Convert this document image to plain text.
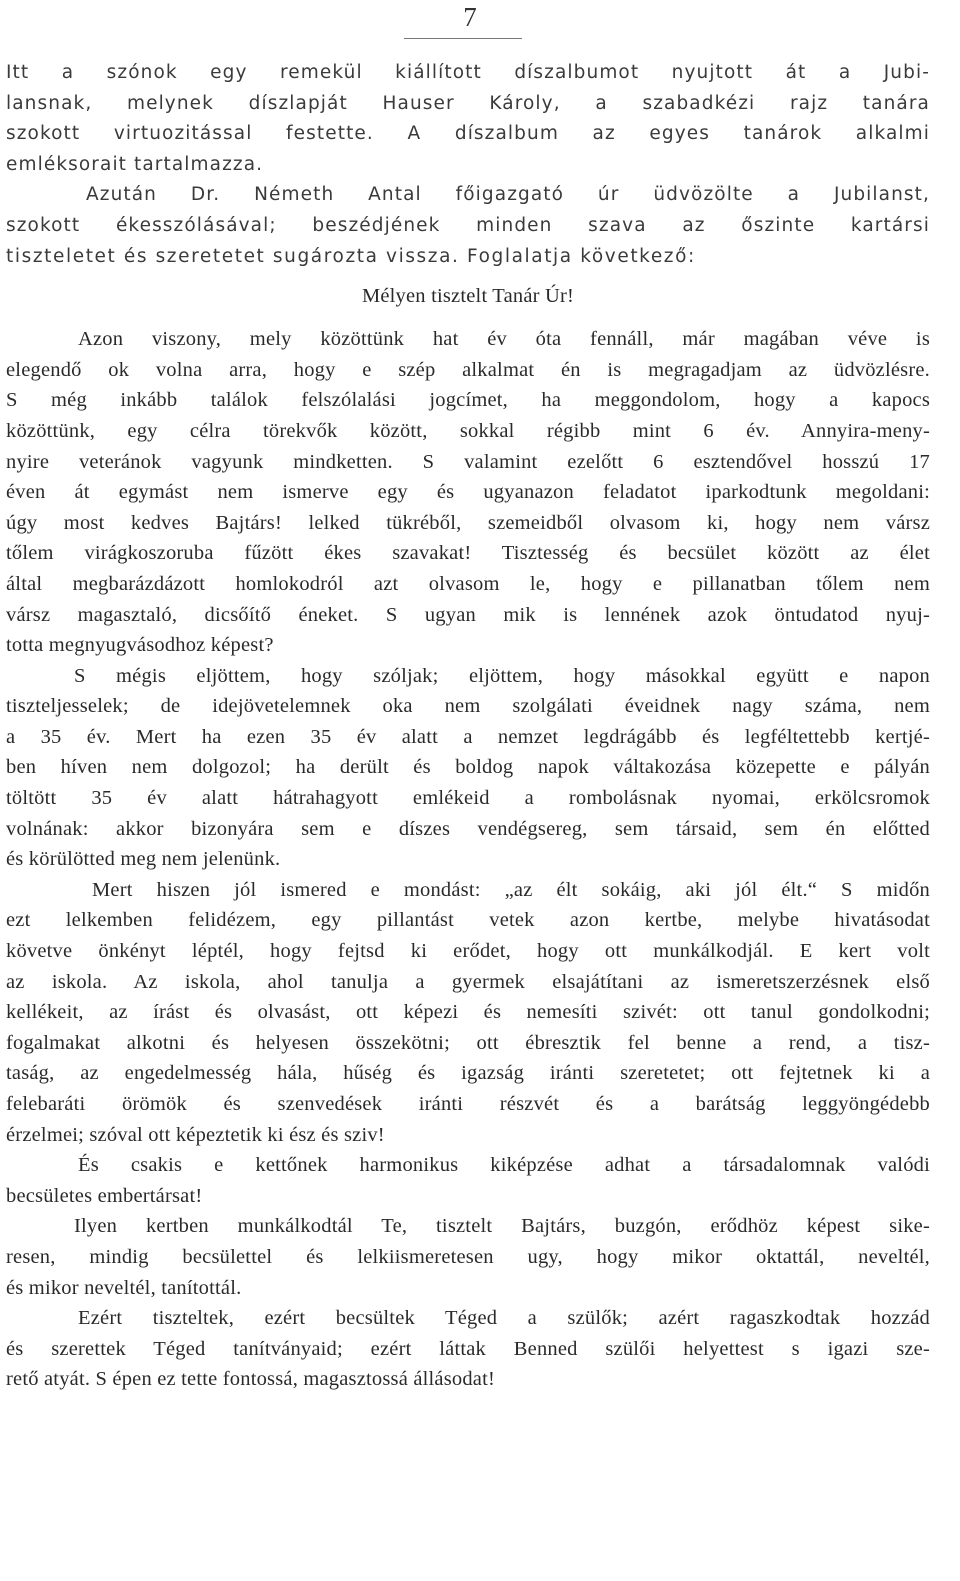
7
Itt a szónok egy remekül kiállított díszalbumot nyujtott át a Jubi-
lansnak, melynek díszlapját Hauser Károly, a szabadkézi rajz tanára
szokott virtuozitással festette. A díszalbum az egyes tanárok alkalmi
emléksorait tartalmazza.
Azután Dr. Németh Antal főigazgató úr üdvözölte a Jubilanst,
szokott ékesszólásával; beszédjének minden szava az őszinte kartársi
tiszteletet és szeretetet sugározta vissza. Foglalatja következő:
Mélyen tisztelt Tanár Úr!
Azon viszony, mely közöttünk hat év óta fennáll, már magában véve is
elegendő ok volna arra, hogy e szép alkalmat én is megragadjam az üdvözlésre.
S még inkább találok felszólalási jogcímet, ha meggondolom, hogy a kapocs
közöttünk, egy célra törekvők között, sokkal régibb mint 6 év. Annyira-meny-
nyire veteránok vagyunk mindketten. S valamint ezelőtt 6 esztendővel hosszú 17
éven át egymást nem ismerve egy és ugyanazon feladatot iparkodtunk megoldani:
úgy most kedves Bajtárs! lelked tükréből, szemeidből olvasom ki, hogy nem vársz
tőlem virágkoszoruba fűzött ékes szavakat! Tisztesség és becsület között az élet
által megbarázdázott homlokodról azt olvasom le, hogy e pillanatban tőlem nem
vársz magasztaló, dicsőítő éneket. S ugyan mik is lennének azok öntudatod nyuj-
totta megnyugvásodhoz képest?
S mégis eljöttem, hogy szóljak; eljöttem, hogy másokkal együtt e napon
tiszteljesselek; de idejövetelemnek oka nem szolgálati éveidnek nagy száma, nem
a 35 év. Mert ha ezen 35 év alatt a nemzet legdrágább és legféltettebb kertjé-
ben híven nem dolgozol; ha derült és boldog napok váltakozása közepette e pályán
töltött 35 év alatt hátrahagyott emlékeid a rombolásnak nyomai, erkölcsromok
volnának: akkor bizonyára sem e díszes vendégsereg, sem társaid, sem én előtted
és körülötted meg nem jelenünk.
Mert hiszen jól ismered e mondást: „az élt sokáig, aki jól élt.“ S midőn
ezt lelkemben felidézem, egy pillantást vetek azon kertbe, melybe hivatásodat
követve önkényt léptél, hogy fejtsd ki erődet, hogy ott munkálkodjál. E kert volt
az iskola. Az iskola, ahol tanulja a gyermek elsajátítani az ismeretszerzésnek első
kellékeit, az írást és olvasást, ott képezi és nemesíti szivét: ott tanul gondolkodni;
fogalmakat alkotni és helyesen összekötni; ott ébresztik fel benne a rend, a tisz-
taság, az engedelmesség hála, hűség és igazság iránti szeretetet; ott fejtetnek ki a
felebaráti örömök és szenvedések iránti részvét és a barátság leggyöngédebb
érzelmei; szóval ott képeztetik ki ész és sziv!
És csakis e kettőnek harmonikus kiképzése adhat a társadalomnak valódi
becsületes embertársat!
Ilyen kertben munkálkodtál Te, tisztelt Bajtárs, buzgón, erődhöz képest sike-
resen, mindig becsülettel és lelkiismeretesen ugy, hogy mikor oktattál, neveltél,
és mikor neveltél, tanítottál.
Ezért tiszteltek, ezért becsültek Téged a szülők; azért ragaszkodtak hozzád
és szerettek Téged tanítványaid; ezért láttak Benned szülői helyettest s igazi sze-
rető atyát. S épen ez tette fontossá, magasztossá állásodat!
